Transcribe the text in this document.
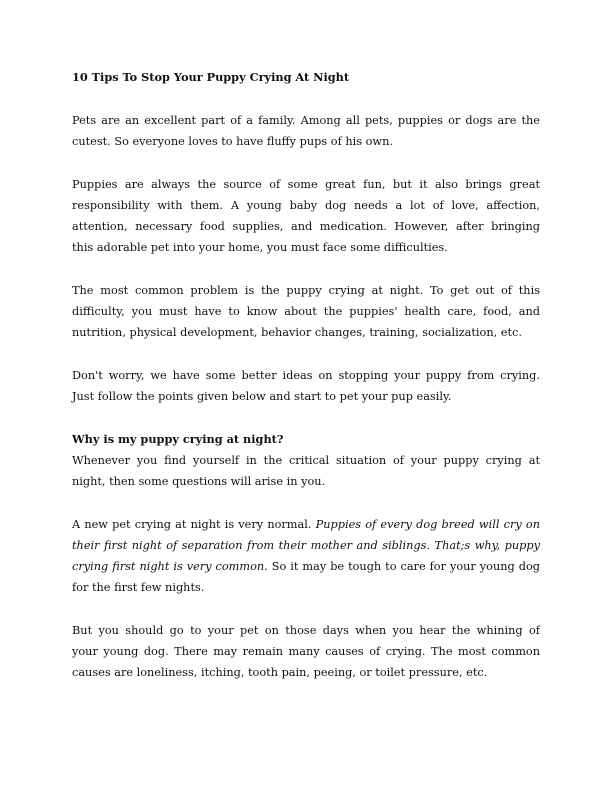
10 Tips To Stop Your Puppy Crying At Night
Pets are an excellent part of a family. Among all pets, puppies or dogs are the
cutest. So everyone loves to have fluffy pups of his own.
Puppies are always the source of some great fun, but it also brings great
responsibility with them. A young baby dog needs a lot of love, affection,
attention, necessary food supplies, and medication. However, after bringing
this adorable pet into your home, you must face some difficulties.
The most common problem is the puppy crying at night. To get out of this
difficulty, you must have to know about the puppies' health care, food, and
nutrition, physical development, behavior changes, training, socialization, etc.
Don't worry, we have some better ideas on stopping your puppy from crying.
Just follow the points given below and start to pet your pup easily.
Why is my puppy crying at night?
Whenever you find yourself in the critical situation of your puppy crying at
night, then some questions will arise in you.
A new pet crying at night is very normal. Puppies of every dog breed will cry on
their first night of separation from their mother and siblings. That;s why, puppy
crying first night is very common. So it may be tough to care for your young dog
for the first few nights.
But you should go to your pet on those days when you hear the whining of
your young dog. There may remain many causes of crying. The most common
causes are loneliness, itching, tooth pain, peeing, or toilet pressure, etc.
